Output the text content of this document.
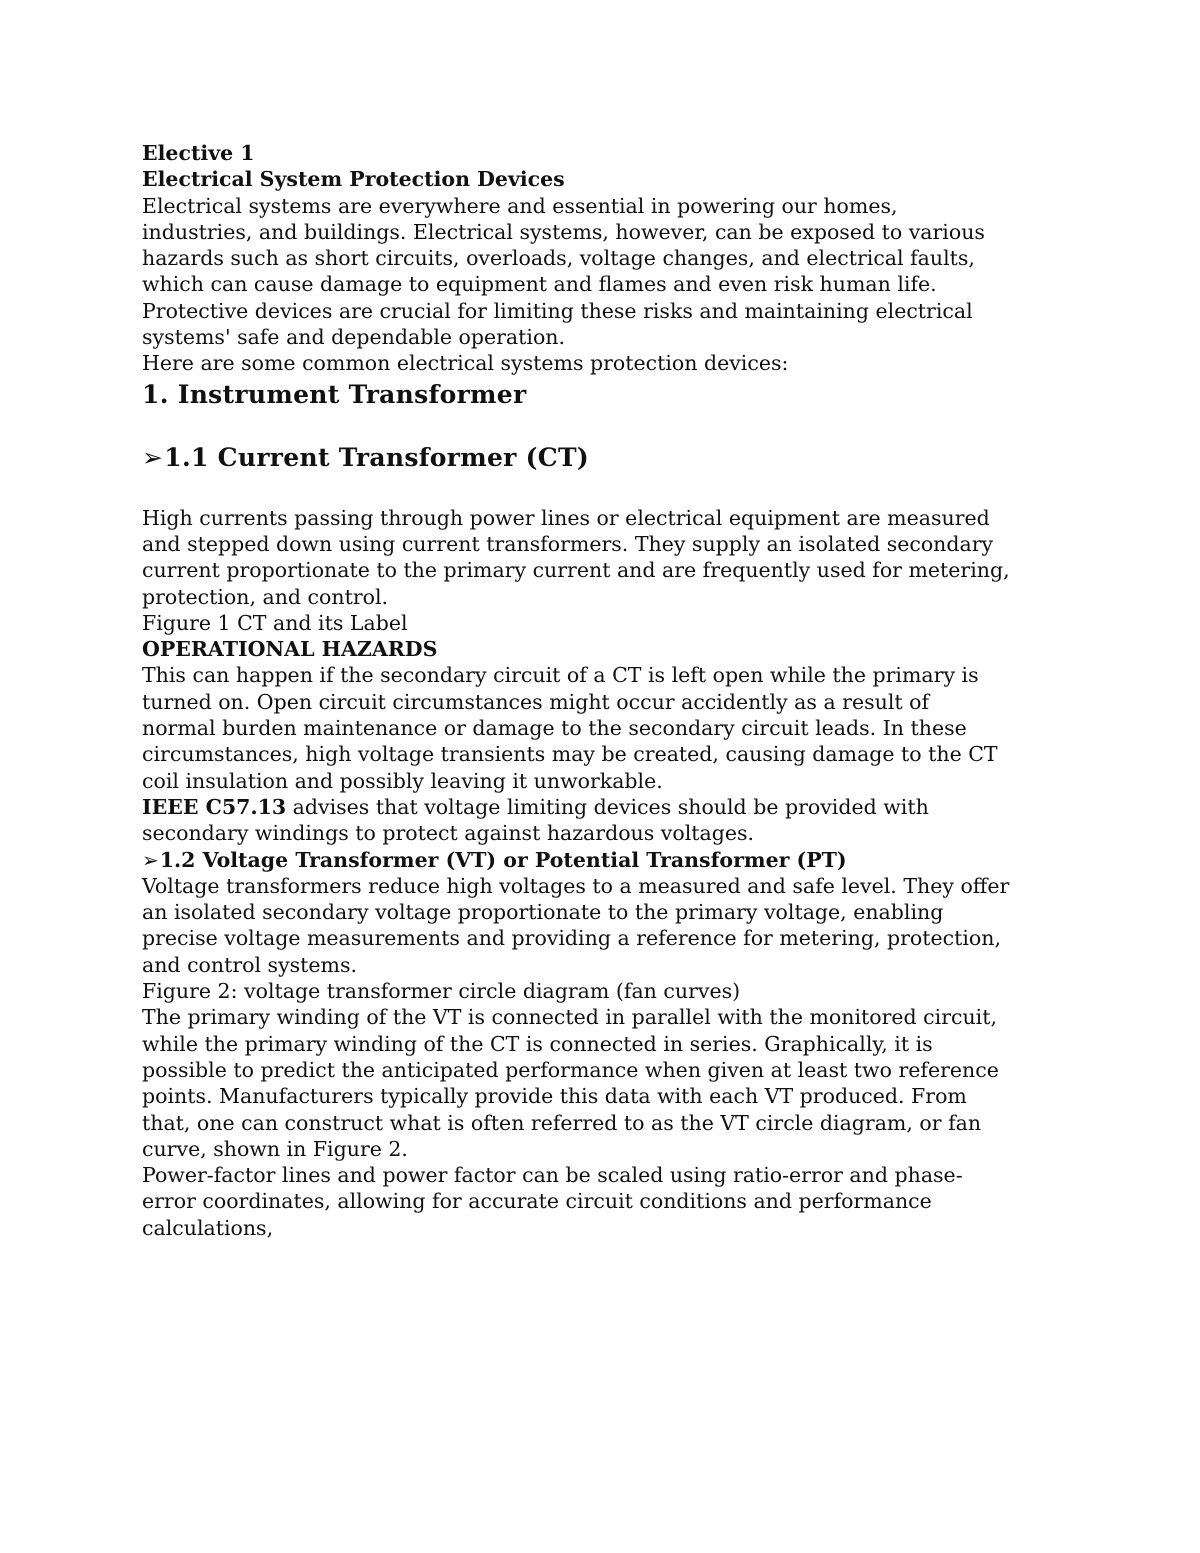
Elective 1
Electrical System Protection Devices
Electrical systems are everywhere and essential in powering our homes,
industries, and buildings. Electrical systems, however, can be exposed to various
hazards such as short circuits, overloads, voltage changes, and electrical faults,
which can cause damage to equipment and flames and even risk human life.
Protective devices are crucial for limiting these risks and maintaining electrical
systems' safe and dependable operation.
Here are some common electrical systems protection devices:
1. Instrument Transformer
➢1.1 Current Transformer (CT)
High currents passing through power lines or electrical equipment are measured
and stepped down using current transformers. They supply an isolated secondary
current proportionate to the primary current and are frequently used for metering,
protection, and control.
Figure 1 CT and its Label
OPERATIONAL HAZARDS
This can happen if the secondary circuit of a CT is left open while the primary is
turned on. Open circuit circumstances might occur accidently as a result of
normal burden maintenance or damage to the secondary circuit leads. In these
circumstances, high voltage transients may be created, causing damage to the CT
coil insulation and possibly leaving it unworkable.
IEEE C57.13 advises that voltage limiting devices should be provided with
secondary windings to protect against hazardous voltages.
➢1.2 Voltage Transformer (VT) or Potential Transformer (PT)
Voltage transformers reduce high voltages to a measured and safe level. They offer
an isolated secondary voltage proportionate to the primary voltage, enabling
precise voltage measurements and providing a reference for metering, protection,
and control systems.
Figure 2: voltage transformer circle diagram (fan curves)
The primary winding of the VT is connected in parallel with the monitored circuit,
while the primary winding of the CT is connected in series. Graphically, it is
possible to predict the anticipated performance when given at least two reference
points. Manufacturers typically provide this data with each VT produced. From
that, one can construct what is often referred to as the VT circle diagram, or fan
curve, shown in Figure 2.
Power-factor lines and power factor can be scaled using ratio-error and phase-
error coordinates, allowing for accurate circuit conditions and performance
calculations,
